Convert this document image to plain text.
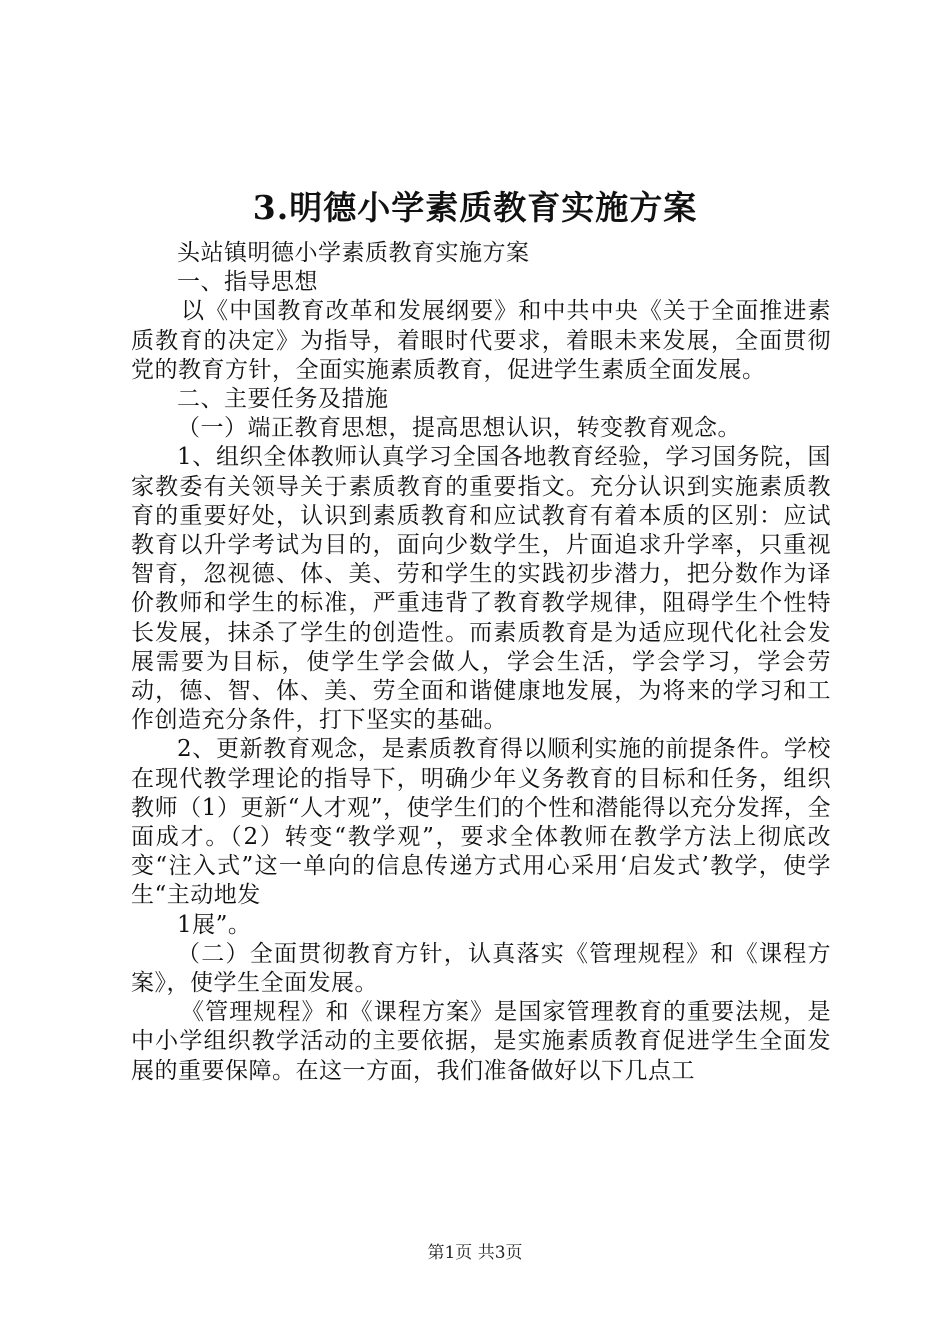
3.明德小学素质教育实施方案

头站镇明德小学素质教育实施方案

一、指导思想

以《中国教育改革和发展纲要》和中共中央《关于全面推进素质教育的决定》为指导，着眼时代要求，着眼未来发展，全面贯彻党的教育方针，全面实施素质教育，促进学生素质全面发展。

二、主要任务及措施

（一）端正教育思想，提高思想认识，转变教育观念。

1、组织全体教师认真学习全国各地教育经验，学习国务院，国家教委有关领导关于素质教育的重要指文。充分认识到实施素质教育的重要好处，认识到素质教育和应试教育有着本质的区别：应试教育以升学考试为目的，面向少数学生，片面追求升学率，只重视智育，忽视德、体、美、劳和学生的实践初步潜力，把分数作为译价教师和学生的标准，严重违背了教育教学规律，阻碍学生个性特长发展，抹杀了学生的创造性。而素质教育是为适应现代化社会发展需要为目标，使学生学会做人，学会生活，学会学习，学会劳动，德、智、体、美、劳全面和谐健康地发展，为将来的学习和工作创造充分条件，打下坚实的基础。

2、更新教育观念，是素质教育得以顺利实施的前提条件。学校在现代教学理论的指导下，明确少年义务教育的目标和任务，组织教师（1）更新“人才观”，使学生们的个性和潜能得以充分发挥，全面成才。（2）转变“教学观”，要求全体教师在教学方法上彻底改变“注入式”这一单向的信息传递方式用心采用‘启发式’教学，使学生“主动地发

1展”。

（二）全面贯彻教育方针，认真落实《管理规程》和《课程方案》，使学生全面发展。

《管理规程》和《课程方案》是国家管理教育的重要法规，是中小学组织教学活动的主要依据，是实施素质教育促进学生全面发展的重要保障。在这一方面，我们准备做好以下几点工

第1页 共3页
